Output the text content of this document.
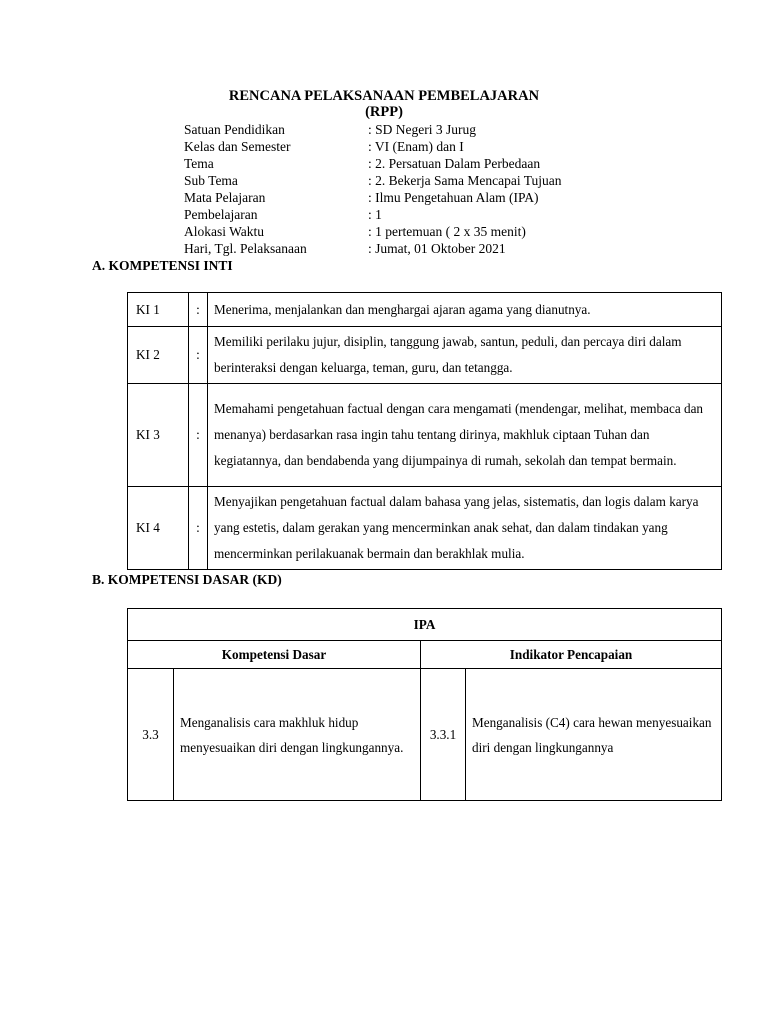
RENCANA PELAKSANAAN PEMBELAJARAN
(RPP)
Satuan Pendidikan	: SD Negeri 3 Jurug
Kelas dan Semester	: VI (Enam) dan I
Tema	: 2. Persatuan Dalam Perbedaan
Sub Tema	: 2. Bekerja Sama Mencapai Tujuan
Mata Pelajaran	: Ilmu Pengetahuan Alam (IPA)
Pembelajaran	: 1
Alokasi Waktu	: 1 pertemuan ( 2 x 35 menit)
Hari, Tgl. Pelaksanaan	: Jumat, 01 Oktober 2021
A. KOMPETENSI INTI
KI 1	:	Menerima, menjalankan dan menghargai ajaran agama yang dianutnya.
KI 2	:	Memiliki perilaku jujur, disiplin, tanggung jawab, santun, peduli, dan percaya diri dalam berinteraksi dengan keluarga, teman, guru, dan tetangga.
KI 3	:	Memahami pengetahuan factual dengan cara mengamati (mendengar, melihat, membaca dan menanya) berdasarkan rasa ingin tahu tentang dirinya, makhluk ciptaan Tuhan dan kegiatannya, dan bendabenda yang dijumpainya di rumah, sekolah dan tempat bermain.
KI 4	:	Menyajikan pengetahuan factual dalam bahasa yang jelas, sistematis, dan logis dalam karya yang estetis, dalam gerakan yang mencerminkan anak sehat, dan dalam tindakan yang mencerminkan perilakuanak bermain dan berakhlak mulia.
B. KOMPETENSI DASAR (KD)
IPA			
Kompetensi Dasar		Indikator Pencapaian	
3.3	Menganalisis cara makhluk hidup menyesuaikan diri dengan lingkungannya.	3.3.1	Menganalisis (C4) cara hewan menyesuaikan diri dengan lingkungannya
